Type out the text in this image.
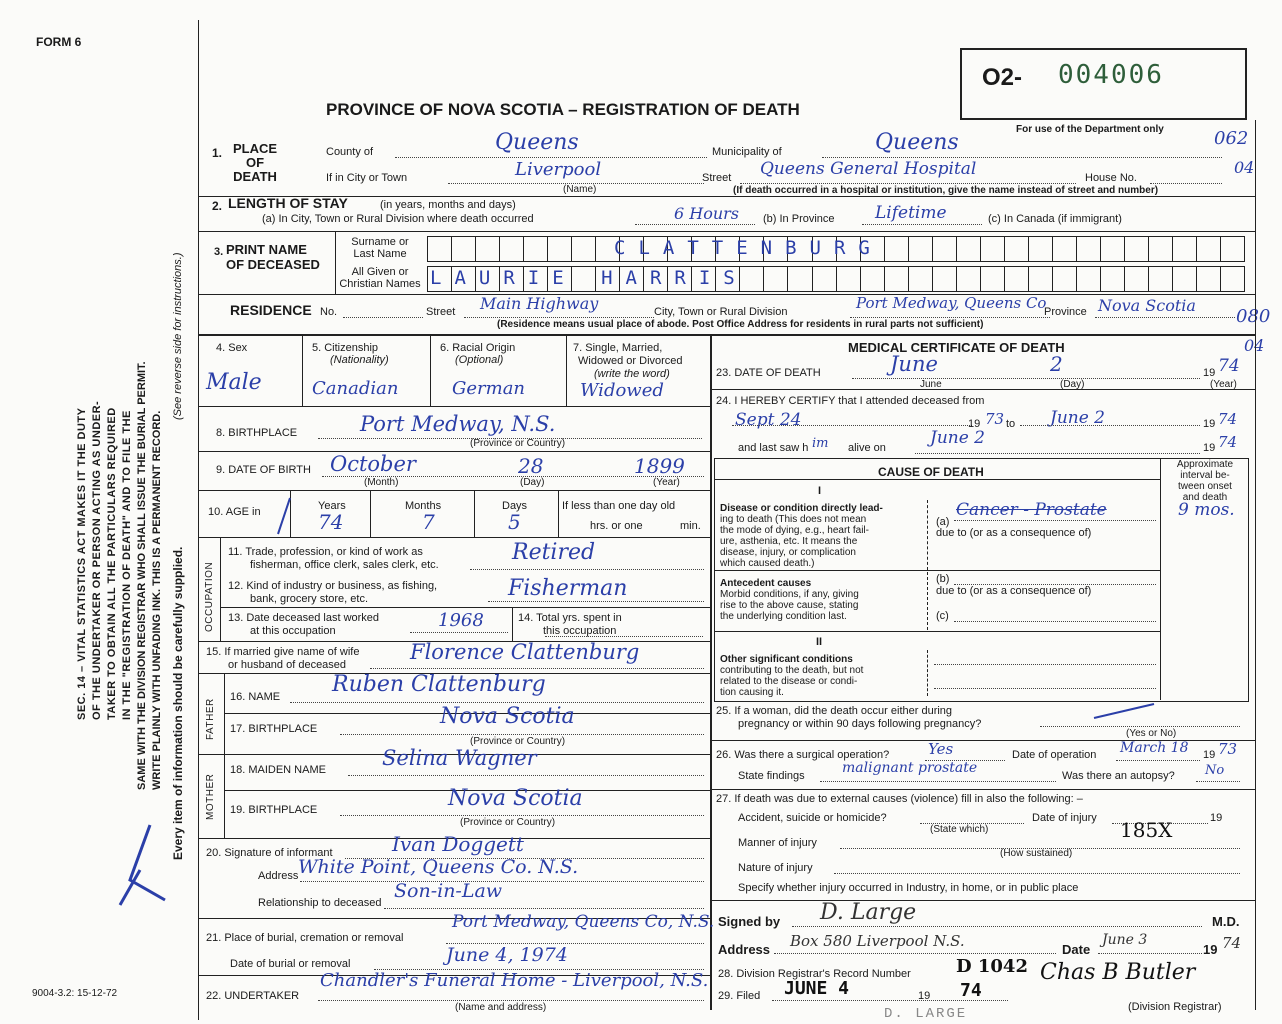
FORM 6
PROVINCE OF NOVA SCOTIA – REGISTRATION OF DEATH
O2- 004006
For use of the Department only	062
04
080
04
SEC. 14 – VITAL STATISTICS ACT MAKES IT THE DUTY OF THE UNDERTAKER OR PERSON ACTING AS UNDER- TAKER TO OBTAIN ALL THE PARTICULARS REQUIRED IN THE "REGISTRATION OF DEATH" AND TO FILE THE SAME WITH THE DIVISION REGISTRAR WHO SHALL ISSUE THE BURIAL PERMIT. WRITE PLAINLY WITH UNFADING INK. THIS IS A PERMANENT RECORD.
(See reverse side for instructions.)
Every item of information should be carefully supplied.
9004-3.2: 15-12-72
1. PLACE
OF
DEATH
County of	Queens	Municipality of	Queens
If in City or Town	Liverpool
(Name)
Street Queens General Hospital	House No.
(If death occurred in a hospital or institution, give the name instead of street and number)
2. LENGTH OF STAY	(in years, months and days)
(a) In City, Town or Rural Division where death occurred	6 Hours (b) In Province Lifetime	(c) In Canada (if immigrant)
3. PRINT NAME
OF DECEASED
Surname or
Last Name
All Given or
Christian Names
CLATTENBURG
LAURIE HARRIS
RESIDENCE No.	Street Main Highway	City, Town or Rural Division	Port Medway, Queens Co
Province Nova Scotia
(Residence means usual place of abode. Post Office Address for residents in rural parts not sufficient)
4. Sex
Male
5. Citizenship
(Nationality)
Canadian
6. Racial Origin
(Optional)
German
7. Single, Married,
Widowed or Divorced
(write the word)
Widowed
8. BIRTHPLACE	Port Medway, N.S.
(Province or Country)
9. DATE OF BIRTH October	28	1899
(Month)	(Day)	(Year)
10. AGE in	Years
74
Months
7
Days
5
If less than one day old
hrs. or one	min.
OCCUPATION
11. Trade, profession, or kind of work as
fisherman, office clerk, sales clerk, etc.	Retired
12. Kind of industry or business, as fishing,
bank, grocery store, etc.	Fisherman
13. Date deceased last worked
at this occupation	1968	14. Total yrs. spent in
this occupation
15. If married give name of wife
or husband of deceased
Florence Clattenburg
FATHER
16. NAME Ruben Clattenburg
17. BIRTHPLACE	Nova Scotia
(Province or Country)
MOTHER
18. MAIDEN NAME	Selina Wagner
19. BIRTHPLACE	Nova Scotia
(Province or Country)
20. Signature of informant	Ivan Doggett
Address White Point, Queens Co. N.S.
Relationship to deceased
Son-in-Law
21. Place of burial, cremation or removal
Port Medway, Queens Co, N.S.
Date of burial or removal	June 4, 1974
22. UNDERTAKER
Chandler's Funeral Home - Liverpool, N.S.
(Name and address)
MEDICAL CERTIFICATE OF DEATH
23. DATE OF DEATH	June	2	19 74
June	(Day)	(Year)
24. I HEREBY CERTIFY that I attended deceased from
Sept 24	19 73 to June 2	19 74
and last saw h im alive on	June 2	19 74
CAUSE OF DEATH
Approximate
interval be-
tween onset
and death
I
Disease or condition directly lead-
ing to death (This does not mean
the mode of dying, e.g., heart fail-
ure, asthenia, etc. It means the
disease, injury, or complication
which caused death.)
(a)
Cancer - Prostate	9 mos.
due to (or as a consequence of)
Antecedent causes
Morbid conditions, if any, giving
rise to the above cause, stating
the underlying condition last.
(b)
due to (or as a consequence of)
(c)
II
Other significant conditions
contributing to the death, but not
related to the disease or condi-
tion causing it.
25. If a woman, did the death occur either during
pregnancy or within 90 days following pregnancy?
(Yes or No)
26. Was there a surgical operation?	Yes	Date of operation March 18 19 73
State findings	malignant prostate	Was there an autopsy? No
27. If death was due to external causes (violence) fill in also the following: –
Accident, suicide or homicide?
(State which)
Date of injury	19
Manner of injury
185X
(How sustained)
Nature of injury
Specify whether injury occurred in Industry, in home, or in public place
Signed by D. Large	M.D.
Address Box 580 Liverpool N.S.	Date
June 3
19 74
28. Division Registrar's Record Number	D 1042
29. Filed JUNE 4	19 74
Chas B Butler
(Division Registrar)
D. LARGE
